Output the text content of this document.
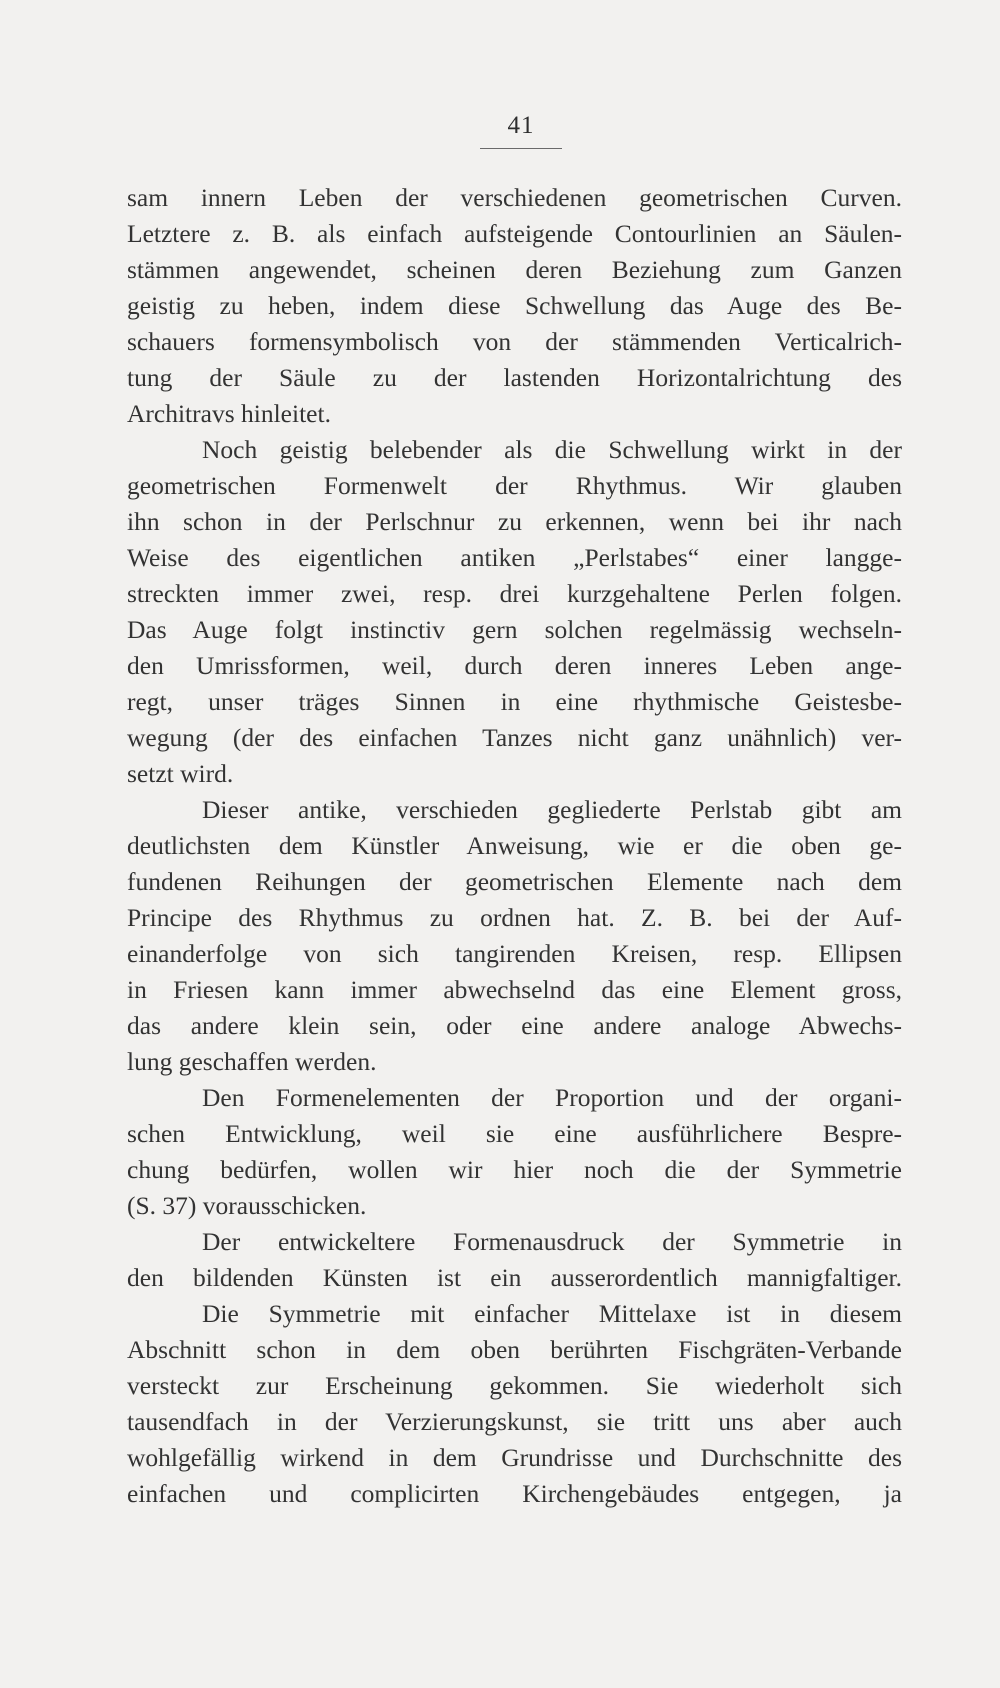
41
sam innern Leben der verschiedenen geometrischen Curven.
Letztere z. B. als einfach aufsteigende Contourlinien an Säulen-
stämmen angewendet, scheinen deren Beziehung zum Ganzen
geistig zu heben, indem diese Schwellung das Auge des Be-
schauers formensymbolisch von der stämmenden Verticalrich-
tung der Säule zu der lastenden Horizontalrichtung des
Architravs hinleitet.
Noch geistig belebender als die Schwellung wirkt in der
geometrischen Formenwelt der Rhythmus. Wir glauben
ihn schon in der Perlschnur zu erkennen, wenn bei ihr nach
Weise des eigentlichen antiken „Perlstabes“ einer langge-
streckten immer zwei, resp. drei kurzgehaltene Perlen folgen.
Das Auge folgt instinctiv gern solchen regelmässig wechseln-
den Umrissformen, weil, durch deren inneres Leben ange-
regt, unser träges Sinnen in eine rhythmische Geistesbe-
wegung (der des einfachen Tanzes nicht ganz unähnlich) ver-
setzt wird.
Dieser antike, verschieden gegliederte Perlstab gibt am
deutlichsten dem Künstler Anweisung, wie er die oben ge-
fundenen Reihungen der geometrischen Elemente nach dem
Principe des Rhythmus zu ordnen hat. Z. B. bei der Auf-
einanderfolge von sich tangirenden Kreisen, resp. Ellipsen
in Friesen kann immer abwechselnd das eine Element gross,
das andere klein sein, oder eine andere analoge Abwechs-
lung geschaffen werden.
Den Formenelementen der Proportion und der organi-
schen Entwicklung, weil sie eine ausführlichere Bespre-
chung bedürfen, wollen wir hier noch die der Symmetrie
(S. 37) vorausschicken.
Der entwickeltere Formenausdruck der Symmetrie in
den bildenden Künsten ist ein ausserordentlich mannigfaltiger.
Die Symmetrie mit einfacher Mittelaxe ist in diesem
Abschnitt schon in dem oben berührten Fischgräten-Verbande
versteckt zur Erscheinung gekommen. Sie wiederholt sich
tausendfach in der Verzierungskunst, sie tritt uns aber auch
wohlgefällig wirkend in dem Grundrisse und Durchschnitte des
einfachen und complicirten Kirchengebäudes entgegen, ja
